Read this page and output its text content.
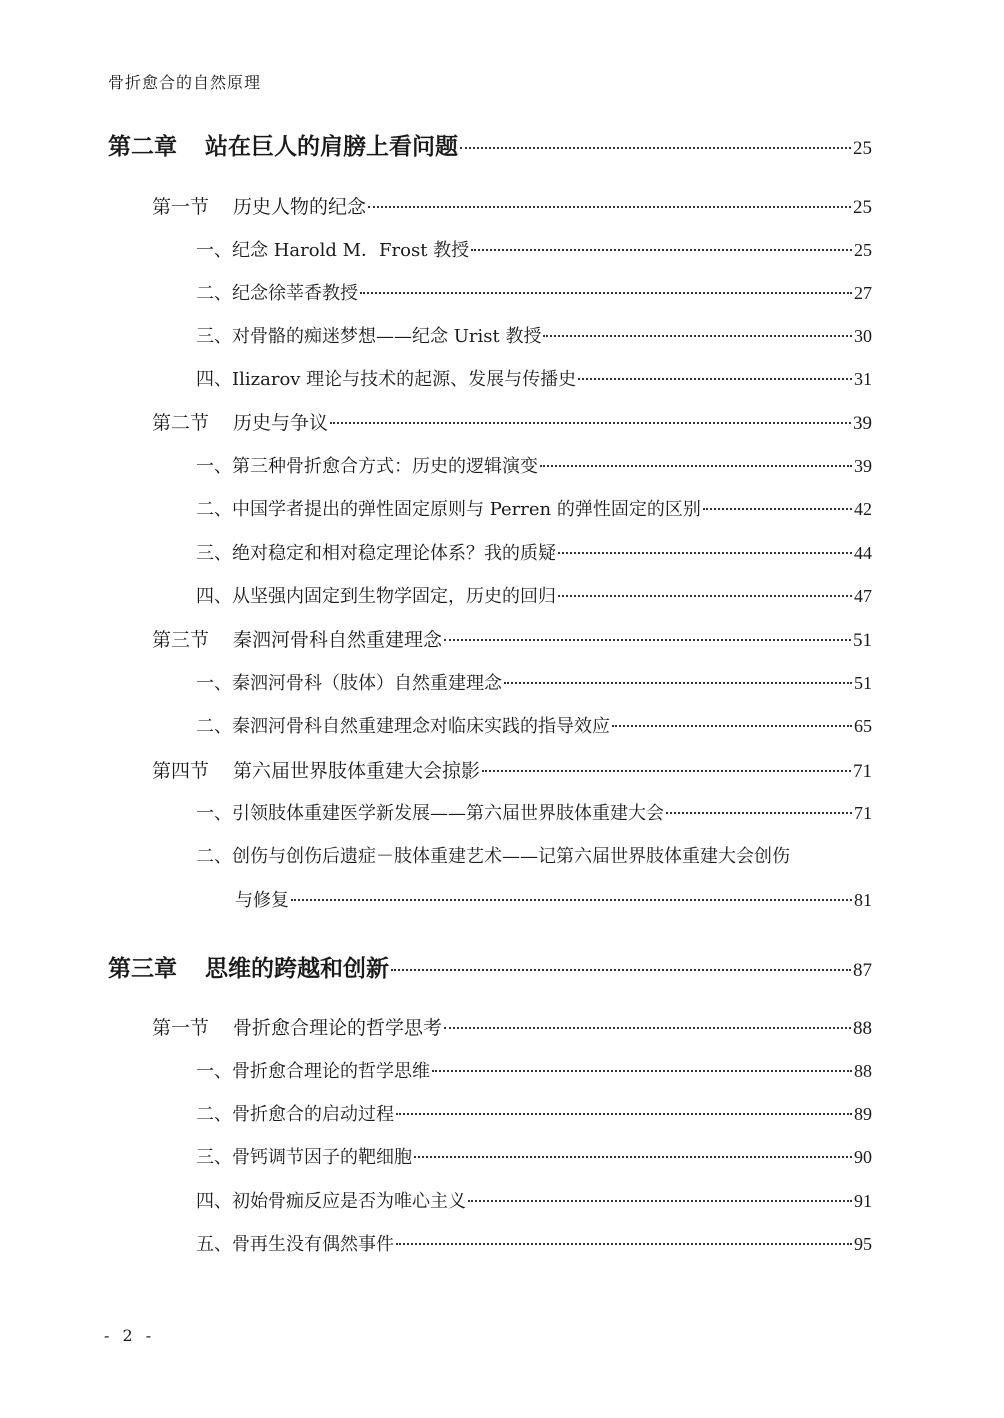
骨折愈合的自然原理
第二章 站在巨人的肩膀上看问题	25
第一节 历史人物的纪念	25
一、纪念 Harold M．Frost 教授	25
二、纪念徐莘香教授	27
三、对骨骼的痴迷梦想——纪念 Urist 教授	30
四、Ilizarov 理论与技术的起源、发展与传播史	31
第二节 历史与争议	39
一、第三种骨折愈合方式：历史的逻辑演变	39
二、中国学者提出的弹性固定原则与 Perren 的弹性固定的区别	42
三、绝对稳定和相对稳定理论体系？我的质疑	44
四、从坚强内固定到生物学固定，历史的回归	47
第三节 秦泗河骨科自然重建理念	51
一、秦泗河骨科（肢体）自然重建理念	51
二、秦泗河骨科自然重建理念对临床实践的指导效应	65
第四节 第六届世界肢体重建大会掠影	71
一、引领肢体重建医学新发展——第六届世界肢体重建大会	71
二、创伤与创伤后遗症－肢体重建艺术——记第六届世界肢体重建大会创伤
与修复	81
第三章 思维的跨越和创新	87
第一节 骨折愈合理论的哲学思考	88
一、骨折愈合理论的哲学思维	88
二、骨折愈合的启动过程	89
三、骨钙调节因子的靶细胞	90
四、初始骨痂反应是否为唯心主义	91
五、骨再生没有偶然事件	95
- 2 -
